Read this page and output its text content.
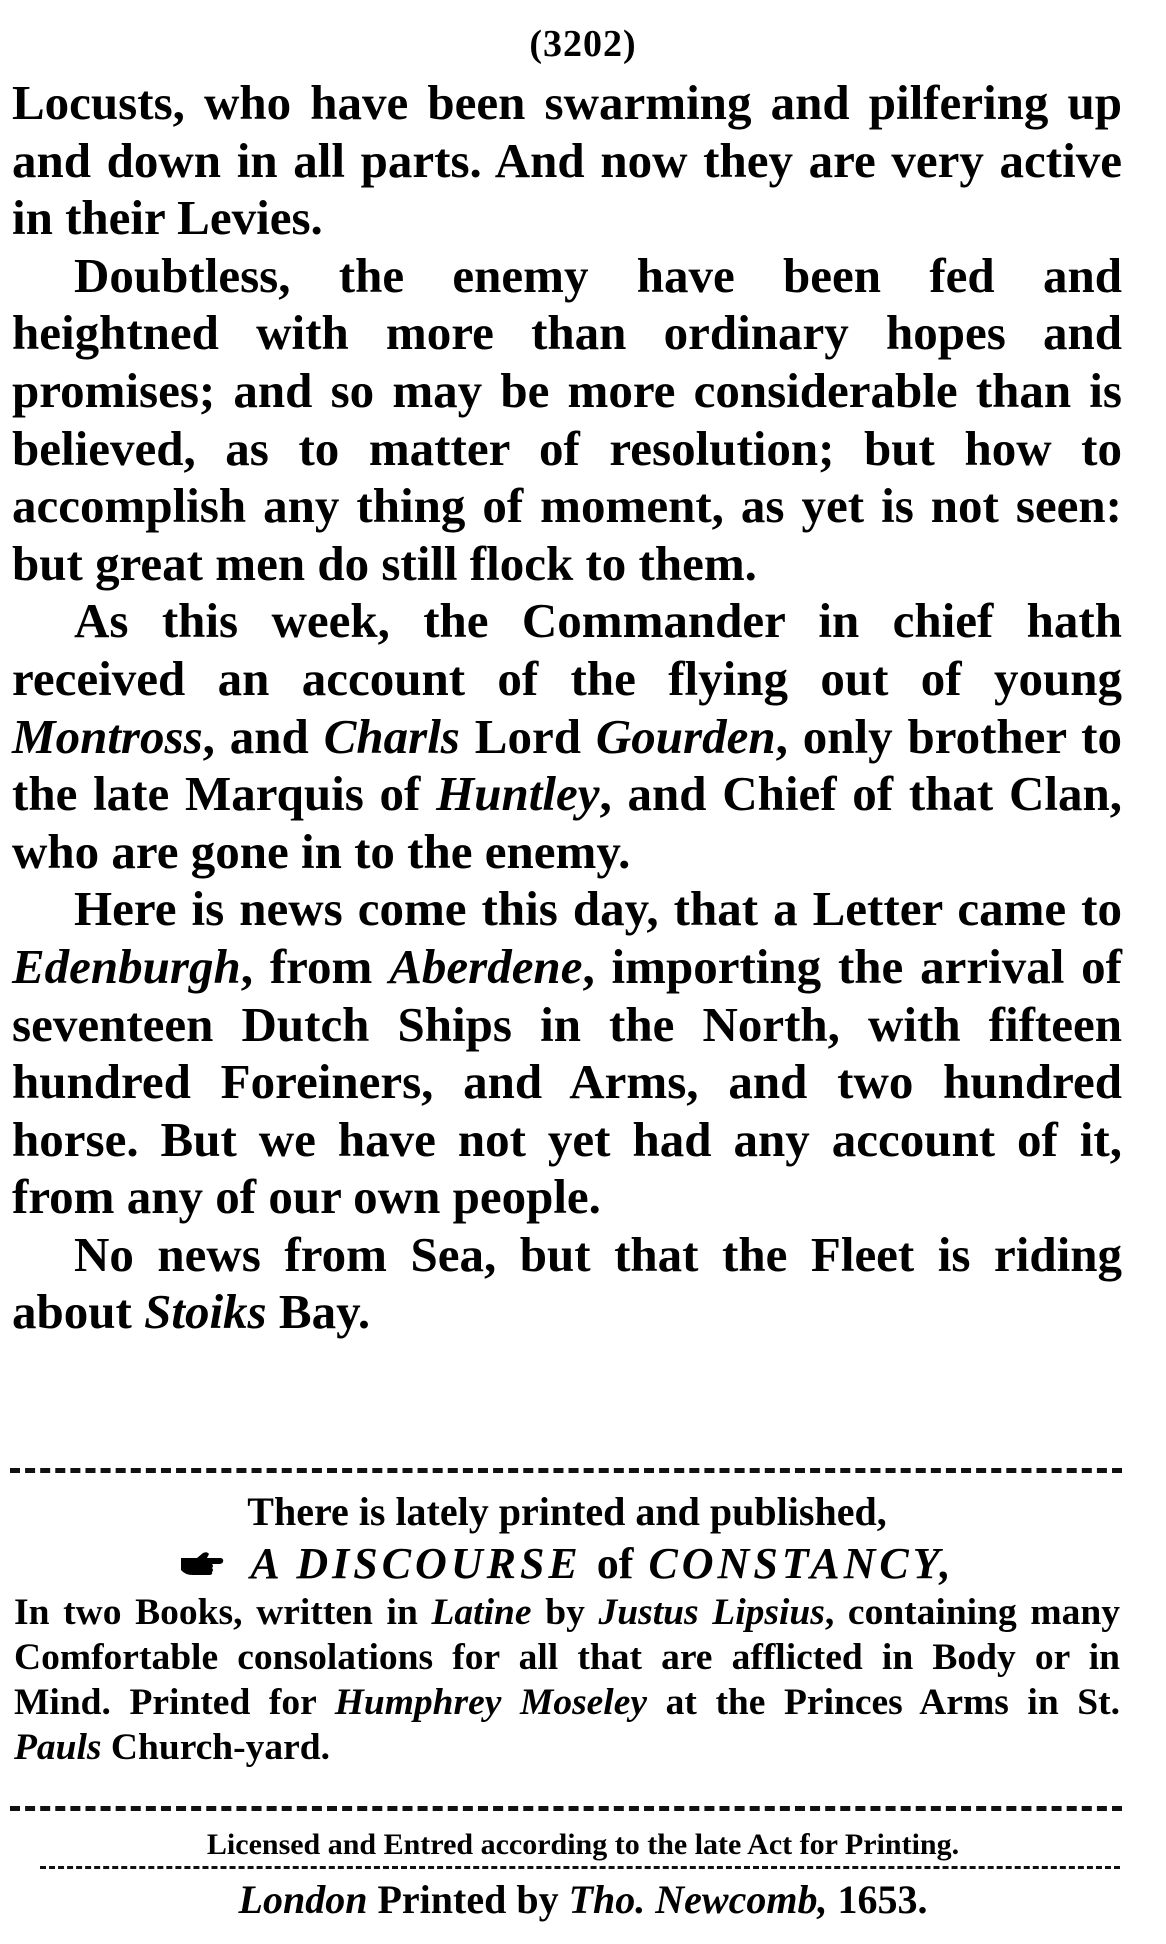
(3202)

Locusts, who have been swarming and pilfering up and down in all parts. And now they are very active in their Levies.

Doubtless, the enemy have been fed and heightned with more than ordinary hopes and promises; and so may be more considerable than is believed, as to matter of resolution; but how to accomplish any thing of moment, as yet is not seen: but great men do still flock to them.

As this week, the Commander in chief hath received an account of the flying out of young Montross, and Charls Lord Gourden, only brother to the late Marquis of Huntley, and Chief of that Clan, who are gone in to the enemy.

Here is news come this day, that a Letter came to Edenburgh, from Aberdene, importing the arrival of seventeen Dutch Ships in the North, with fifteen hundred Foreiners, and Arms, and two hundred horse. But we have not yet had any account of it, from any of our own people.

No news from Sea, but that the Fleet is riding about Stoiks Bay.

There is lately printed and published,
A DISCOURSE of CONSTANCY,
In two Books, written in Latine by Justus Lipsius, containing many Comfortable consolations for all that are afflicted in Body or in Mind. Printed for Humphrey Moseley at the Princes Arms in St. Pauls Church-yard.
Licensed and Entred according to the late Act for Printing.
London Printed by Tho. Newcomb, 1653.
